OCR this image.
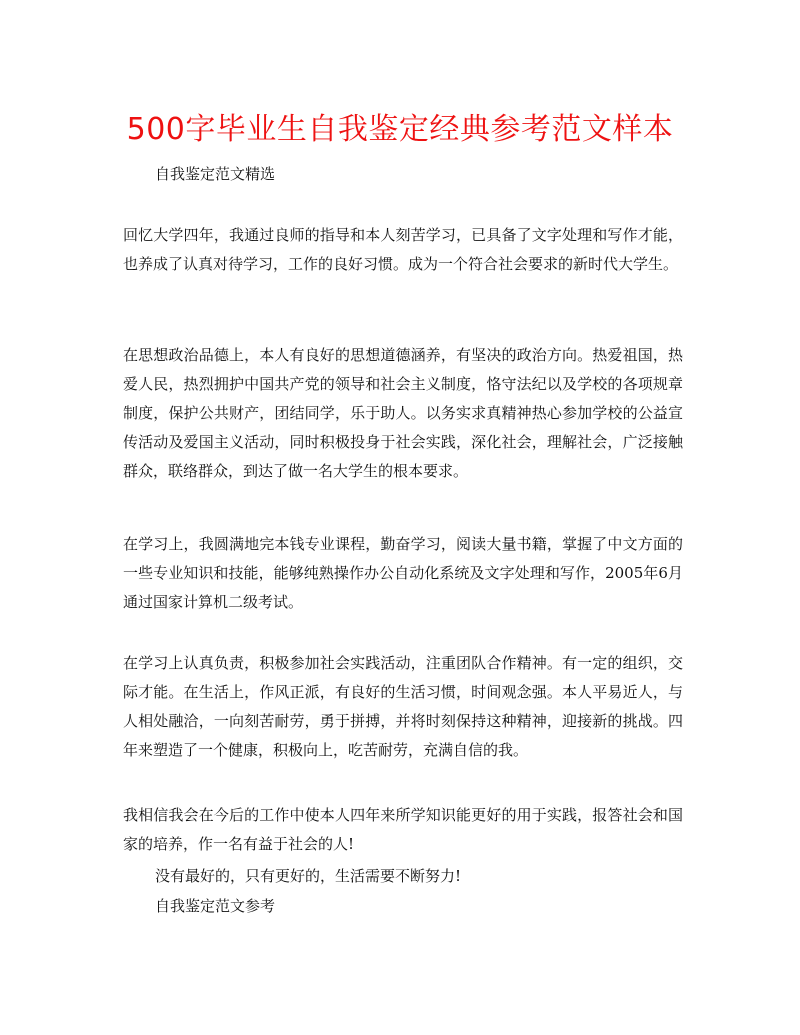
500字毕业生自我鉴定经典参考范文样本
自我鉴定范文精选
回忆大学四年，我通过良师的指导和本人刻苦学习，已具备了文字处理和写作才能，也养成了认真对待学习，工作的良好习惯。成为一个符合社会要求的新时代大学生。
在思想政治品德上，本人有良好的思想道德涵养，有坚决的政治方向。热爱祖国，热爱人民，热烈拥护中国共产党的领导和社会主义制度，恪守法纪以及学校的各项规章制度，保护公共财产，团结同学，乐于助人。以务实求真精神热心参加学校的公益宣传活动及爱国主义活动，同时积极投身于社会实践，深化社会，理解社会，广泛接触群众，联络群众，到达了做一名大学生的根本要求。
在学习上，我圆满地完本钱专业课程，勤奋学习，阅读大量书籍，掌握了中文方面的一些专业知识和技能，能够纯熟操作办公自动化系统及文字处理和写作，2005年6月通过国家计算机二级考试。
在学习上认真负责，积极参加社会实践活动，注重团队合作精神。有一定的组织，交际才能。在生活上，作风正派，有良好的生活习惯，时间观念强。本人平易近人，与人相处融洽，一向刻苦耐劳，勇于拼搏，并将时刻保持这种精神，迎接新的挑战。四年来塑造了一个健康，积极向上，吃苦耐劳，充满自信的我。
我相信我会在今后的工作中使本人四年来所学知识能更好的用于实践，报答社会和国家的培养，作一名有益于社会的人!
没有最好的，只有更好的，生活需要不断努力!
自我鉴定范文参考
